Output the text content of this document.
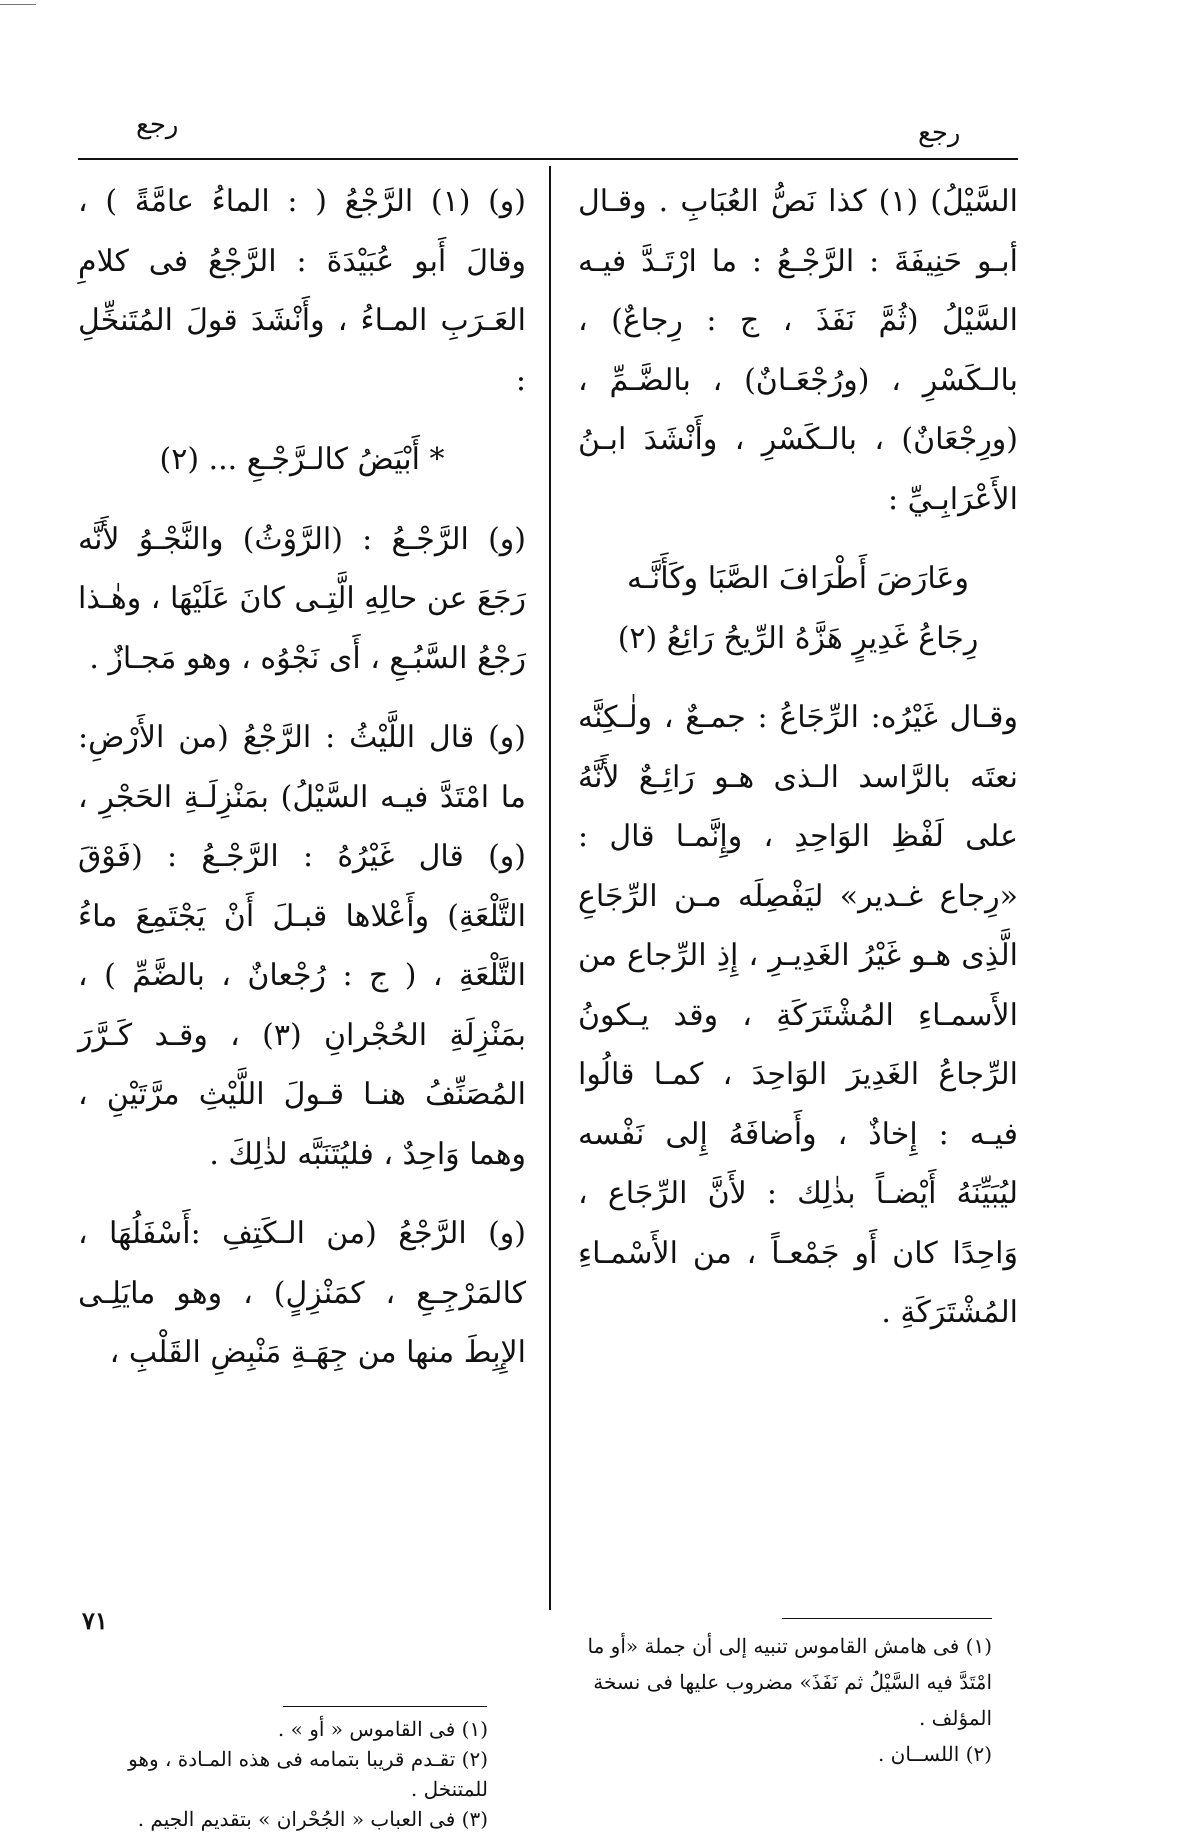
رجع
رجع

السَّيْلُ) (١) كذا نَصُّ العُبَابِ . وقـال أبـو حَنِيفَةَ : الرَّجْـعُ : ما ارْتَـدَّ فيـه السَّيْلُ (ثُمَّ نَفَذَ ، ج : رِجاعٌ) ، بالـكَسْرِ ، (ورُجْعَـانٌ) ، بالضَّـمِّ ، (ورِجْعَانٌ) ، بالـكَسْرِ ، وأَنْشَدَ ابـنُ الأَعْرَابِـيِّ :

وعَارَضَ أَطْرَافَ الصَّبَا وكَأَنَّـه

رِجَاعُ غَدِيرٍ هَزَّهُ الرِّيحُ رَائِعُ (٢)

وقـال غَيْرُه: الرِّجَاعُ : جمـعٌ ، ولٰـكِنَّه نعتَه بالرَّاسد الـذى هـو رَائِـعٌ لأَنَّهُ على لَفْظِ الوَاحِدِ ، وإِنَّمـا قال : «رِجاع غـدير» ليَفْصِلَه مـن الرِّجَاعِ الَّذِى هـو غَيْرُ الغَدِيـرِ ، إِذِ الرِّجاع من الأَسمـاءِ المُشْتَرَكَةِ ، وقد يـكونُ الرِّجاعُ الغَدِيرَ الوَاحِدَ ، كمـا قالُوا فيـه : إِخاذٌ ، وأَضافَهُ إِلى نَفْسه ليُبَيِّنَهُ أَيْضـاً بذٰلِك : لأَنَّ الرِّجَاع ، وَاحِدًا كان أَو جَمْعـاً ، من الأَسْمـاءِ المُشْتَرَكَةِ .

(و) (١) الرَّجْعُ ( : الماءُ عامَّةً ) ، وقالَ أَبو عُبَيْدَةَ : الرَّجْعُ فى كلامِ العَـرَبِ المـاءُ ، وأَنْشَدَ قولَ المُتَنخِّلِ :

* أَبْيَضُ كالـرَّجْـعِ ... (٢)

(و) الرَّجْـعُ : (الرَّوْثُ) والنَّجْـوُ لأَنَّه رَجَعَ عن حالِهِ الَّتِـى كانَ عَلَيْهَا ، وهٰـذا رَجْعُ السَّبُـعِ ، أَى نَجْوُه ، وهو مَجـازٌ .

(و) قال اللَّيْثُ : الرَّجْعُ (من الأَرْضِ: ما امْتَدَّ فيـه السَّيْلُ) بمَنْزِلَـةِ الحَجْرِ ، (و) قال غَيْرُهُ : الرَّجْـعُ : (فَوْقَ التَّلْعَةِ) وأَعْلاها قبـلَ أَنْ يَجْتَمِعَ ماءُ التَّلْعَةِ ، ( ج : رُجْعانٌ ، بالضَّمِّ ) ، بمَنْزِلَةِ الحُجْرانِ (٣) ، وقـد كَـرَّرَ المُصَنِّفُ هنـا قـولَ اللَّيْثِ مرَّتَيْنِ ، وهما وَاحِدٌ ، فليُتَنَبَّه لذٰلِكَ .

(و) الرَّجْعُ (من الـكَتِفِ :أَسْفَلُهَا ، كالمَرْجِـعِ ، كمَنْزِلٍ) ، وهو مايَلِـى الإِبِطَ منها من جِهَـةِ مَنْبِضِ القَلْبِ ،

(١) فى هامش القاموس تنبيه إلى أن جملة «أو ما امْتَدَّ فيه السَّيْلُ ثم نَفَذَ» مضروب عليها فى نسخة المؤلف .
(٢) اللســان .
(١) فى القاموس « أو » .
(٢) تقـدم قريبا بتمامه فى هذه المـادة ، وهو للمتنخل .
(٣) فى العباب « الجُحْران » بتقديم الجيم .
٧١
